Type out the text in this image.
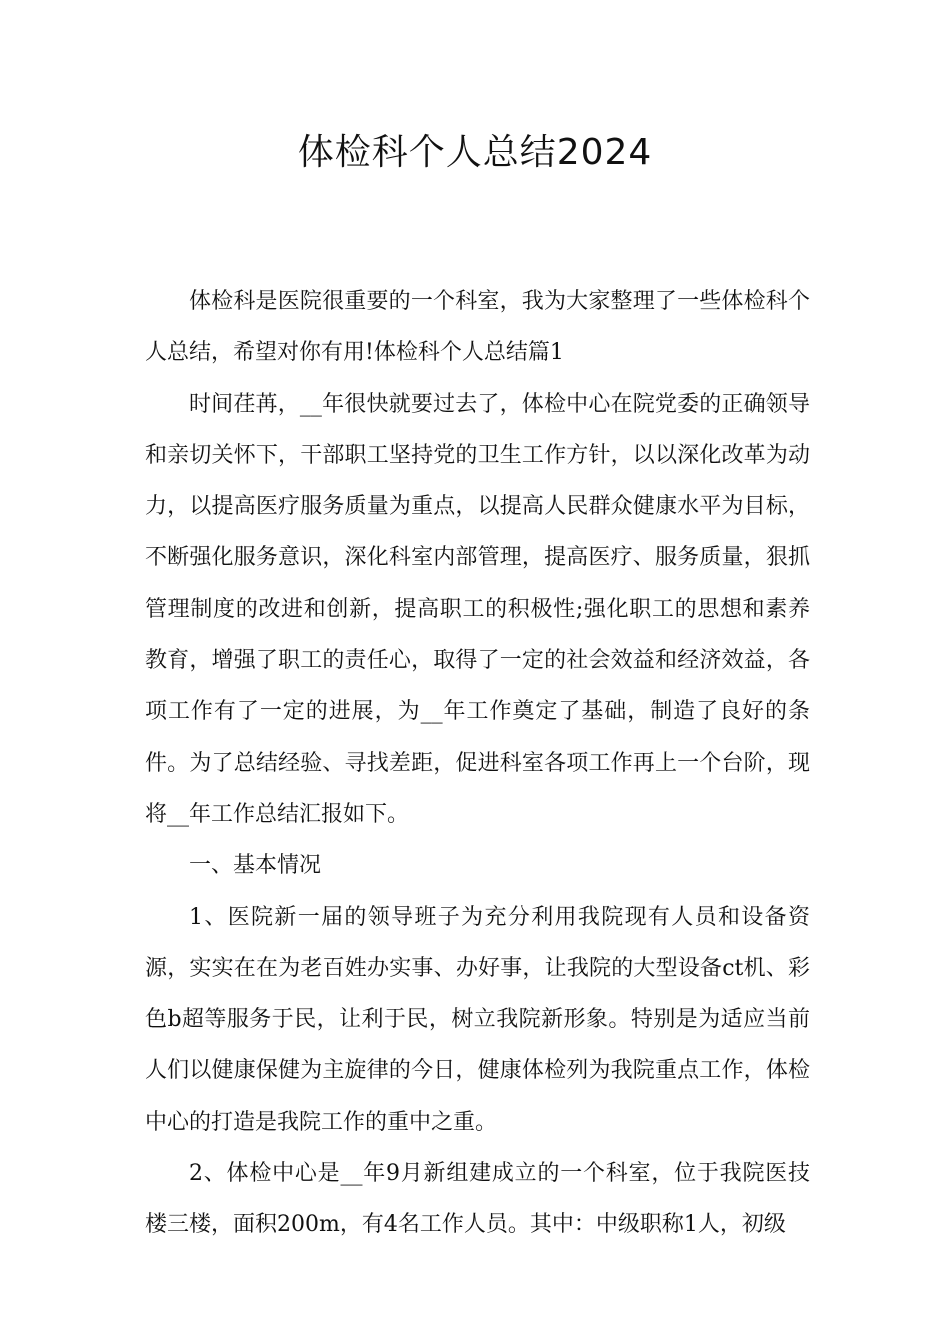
体检科个人总结2024

体检科是医院很重要的一个科室，我为大家整理了一些体检科个人总结，希望对你有用!体检科个人总结篇1

时间荏苒，__年很快就要过去了，体检中心在院党委的正确领导和亲切关怀下，干部职工坚持党的卫生工作方针，以以深化改革为动力，以提高医疗服务质量为重点，以提高人民群众健康水平为目标，不断强化服务意识，深化科室内部管理，提高医疗、服务质量，狠抓管理制度的改进和创新，提高职工的积极性;强化职工的思想和素养教育，增强了职工的责任心，取得了一定的社会效益和经济效益，各项工作有了一定的进展，为__年工作奠定了基础，制造了良好的条件。为了总结经验、寻找差距，促进科室各项工作再上一个台阶，现将__年工作总结汇报如下。

一、基本情况

1、医院新一届的领导班子为充分利用我院现有人员和设备资源，实实在在为老百姓办实事、办好事，让我院的大型设备ct机、彩色b超等服务于民，让利于民，树立我院新形象。特别是为适应当前人们以健康保健为主旋律的今日，健康体检列为我院重点工作，体检中心的打造是我院工作的重中之重。

2、体检中心是__年9月新组建成立的一个科室，位于我院医技楼三楼，面积200m，有4名工作人员。其中：中级职称1人，初级
